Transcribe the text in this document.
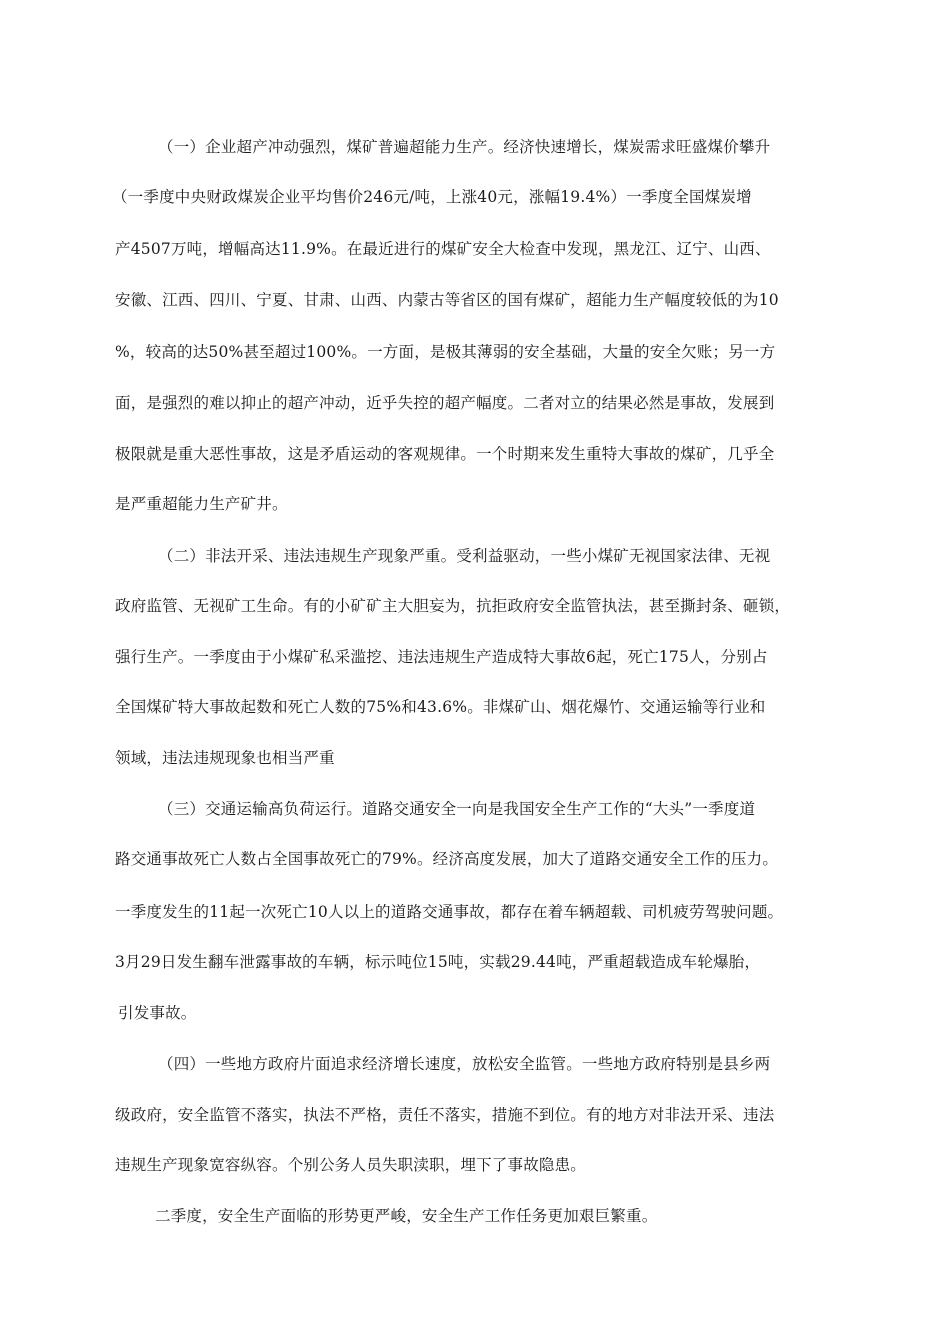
（一）企业超产冲动强烈，煤矿普遍超能力生产。经济快速增长，煤炭需求旺盛煤价攀升
（一季度中央财政煤炭企业平均售价246元/吨，上涨40元，涨幅19.4%）一季度全国煤炭增
产4507万吨，增幅高达11.9%。在最近进行的煤矿安全大检查中发现，黑龙江、辽宁、山西、
安徽、江西、四川、宁夏、甘肃、山西、内蒙古等省区的国有煤矿，超能力生产幅度较低的为10
%，较高的达50%甚至超过100%。一方面，是极其薄弱的安全基础，大量的安全欠账；另一方
面，是强烈的难以抑止的超产冲动，近乎失控的超产幅度。二者对立的结果必然是事故，发展到
极限就是重大恶性事故，这是矛盾运动的客观规律。一个时期来发生重特大事故的煤矿，几乎全
是严重超能力生产矿井。
（二）非法开采、违法违规生产现象严重。受利益驱动，一些小煤矿无视国家法律、无视
政府监管、无视矿工生命。有的小矿矿主大胆妄为，抗拒政府安全监管执法，甚至撕封条、砸锁，
强行生产。一季度由于小煤矿私采滥挖、违法违规生产造成特大事故6起，死亡175人，分别占
全国煤矿特大事故起数和死亡人数的75%和43.6%。非煤矿山、烟花爆竹、交通运输等行业和
领域，违法违规现象也相当严重
（三）交通运输高负荷运行。道路交通安全一向是我国安全生产工作的“大头”一季度道
路交通事故死亡人数占全国事故死亡的79%。经济高度发展，加大了道路交通安全工作的压力。
一季度发生的11起一次死亡10人以上的道路交通事故，都存在着车辆超载、司机疲劳驾驶问题。
3月29日发生翻车泄露事故的车辆，标示吨位15吨，实载29.44吨，严重超载造成车轮爆胎，
引发事故。
（四）一些地方政府片面追求经济增长速度，放松安全监管。一些地方政府特别是县乡两
级政府，安全监管不落实，执法不严格，责任不落实，措施不到位。有的地方对非法开采、违法
违规生产现象宽容纵容。个别公务人员失职渎职，埋下了事故隐患。
二季度，安全生产面临的形势更严峻，安全生产工作任务更加艰巨繁重。
